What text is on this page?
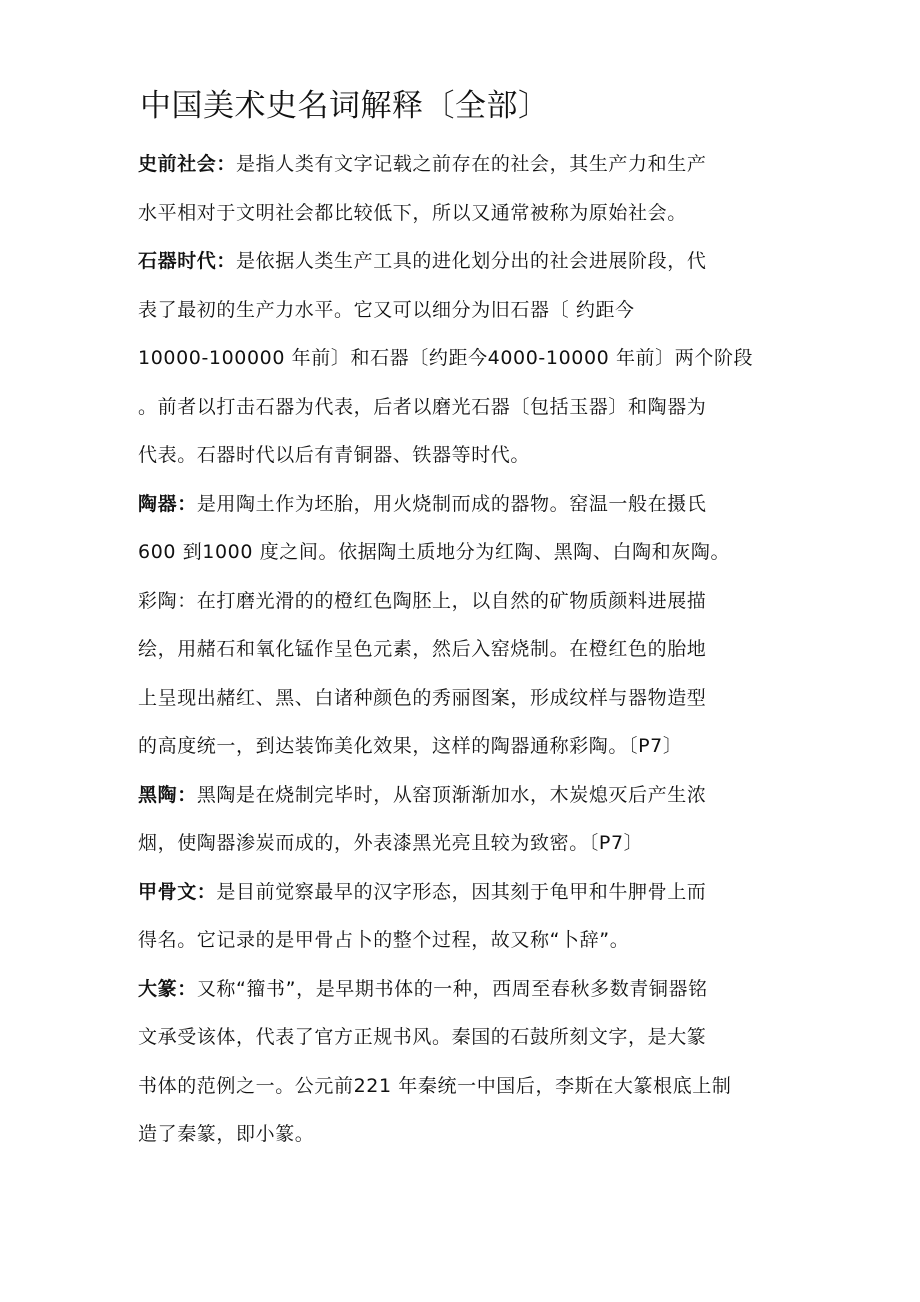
中国美术史名词解释〔全部〕
史前社会：是指人类有文字记载之前存在的社会，其生产力和生产
水平相对于文明社会都比较低下，所以又通常被称为原始社会。
石器时代：是依据人类生产工具的进化划分出的社会进展阶段，代
表了最初的生产力水平。它又可以细分为旧石器〔 约距今
10000-100000 年前〕和石器〔约距今4000-10000 年前〕两个阶段
。前者以打击石器为代表，后者以磨光石器〔包括玉器〕和陶器为
代表。石器时代以后有青铜器、铁器等时代。
陶器：是用陶土作为坯胎，用火烧制而成的器物。窑温一般在摄氏
600 到1000 度之间。依据陶土质地分为红陶、黑陶、白陶和灰陶。
彩陶：在打磨光滑的的橙红色陶胚上，以自然的矿物质颜料进展描
绘，用赭石和氧化锰作呈色元素，然后入窑烧制。在橙红色的胎地
上呈现出赭红、黑、白诸种颜色的秀丽图案，形成纹样与器物造型
的高度统一，到达装饰美化效果，这样的陶器通称彩陶。〔P7〕
黑陶：黑陶是在烧制完毕时，从窑顶渐渐加水，木炭熄灭后产生浓
烟，使陶器渗炭而成的，外表漆黑光亮且较为致密。〔P7〕
甲骨文：是目前觉察最早的汉字形态，因其刻于龟甲和牛胛骨上而
得名。它记录的是甲骨占卜的整个过程，故又称“卜辞”。
大篆：又称“籀书”，是早期书体的一种，西周至春秋多数青铜器铭
文承受该体，代表了官方正规书风。秦国的石鼓所刻文字，是大篆
书体的范例之一。公元前221 年秦统一中国后，李斯在大篆根底上制
造了秦篆，即小篆。
